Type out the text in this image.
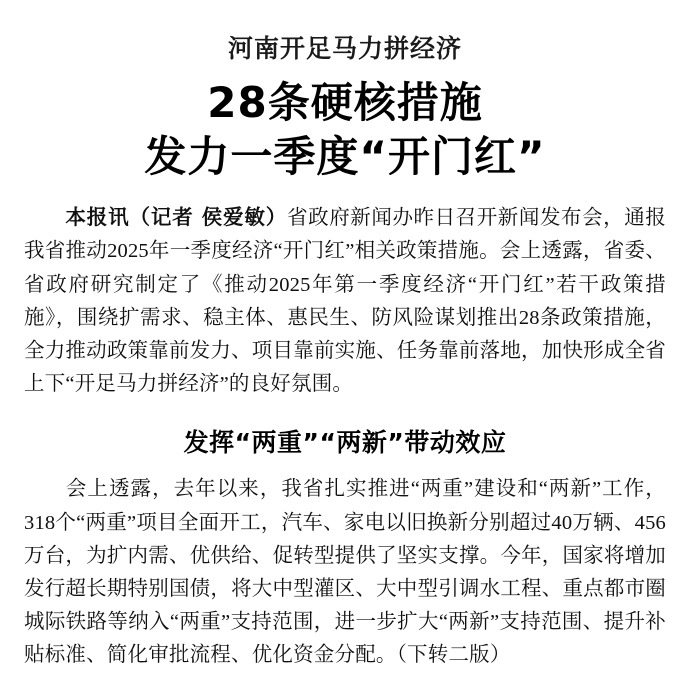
河南开足马力拼经济
28条硬核措施
发力一季度“开门红”

本报讯（记者 侯爱敏）省政府新闻办昨日召开新闻发布会，通报我省推动2025年一季度经济“开门红”相关政策措施。会上透露，省委、省政府研究制定了《推动2025年第一季度经济“开门红”若干政策措施》，围绕扩需求、稳主体、惠民生、防风险谋划推出28条政策措施，全力推动政策靠前发力、项目靠前实施、任务靠前落地，加快形成全省上下“开足马力拼经济”的良好氛围。

发挥“两重”“两新”带动效应

会上透露，去年以来，我省扎实推进“两重”建设和“两新”工作，318个“两重”项目全面开工，汽车、家电以旧换新分别超过40万辆、456万台，为扩内需、优供给、促转型提供了坚实支撑。今年，国家将增加发行超长期特别国债，将大中型灌区、大中型引调水工程、重点都市圈城际铁路等纳入“两重”支持范围，进一步扩大“两新”支持范围、提升补贴标准、简化审批流程、优化资金分配。（下转二版）
